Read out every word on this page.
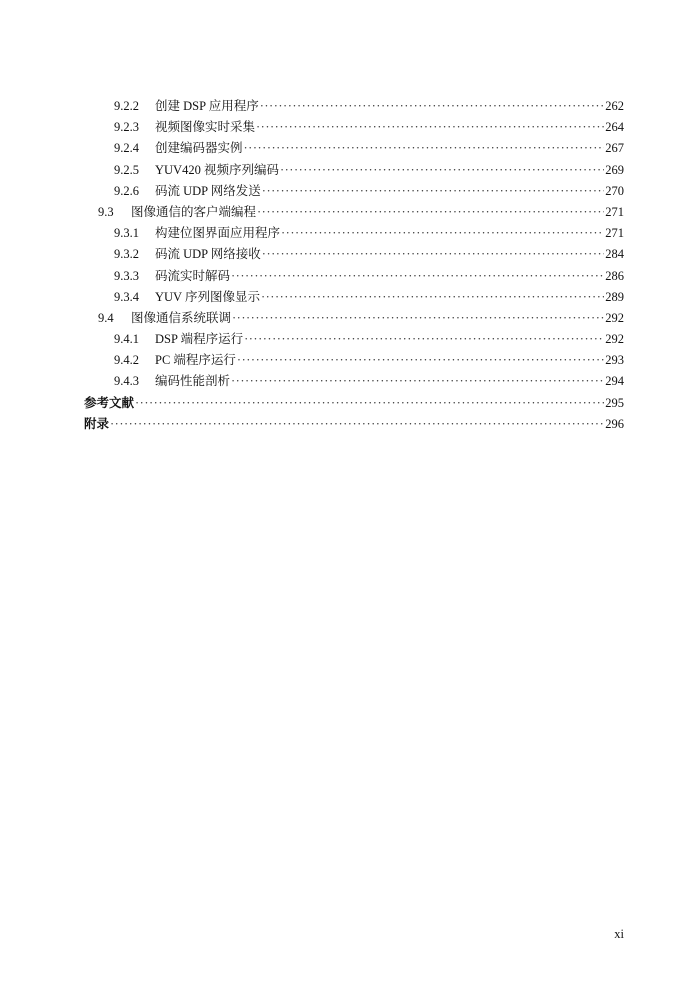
9.2.2	创建 DSP 应用程序 ·····	262
9.2.3	视频图像实时采集 ·····	264
9.2.4	创建编码器实例 ·····	267
9.2.5	YUV420 视频序列编码 ·····	269
9.2.6	码流 UDP 网络发送 ·····	270
9.3	图像通信的客户端编程 ·····	271
9.3.1	构建位图界面应用程序 ·····	271
9.3.2	码流 UDP 网络接收 ·····	284
9.3.3	码流实时解码 ·····	286
9.3.4	YUV 序列图像显示 ·····	289
9.4	图像通信系统联调 ·····	292
9.4.1	DSP 端程序运行 ·····	292
9.4.2	PC 端程序运行 ·····	293
9.4.3	编码性能剖析 ·····	294
参考文献 ·····	295
附录 ·····	296
xi
